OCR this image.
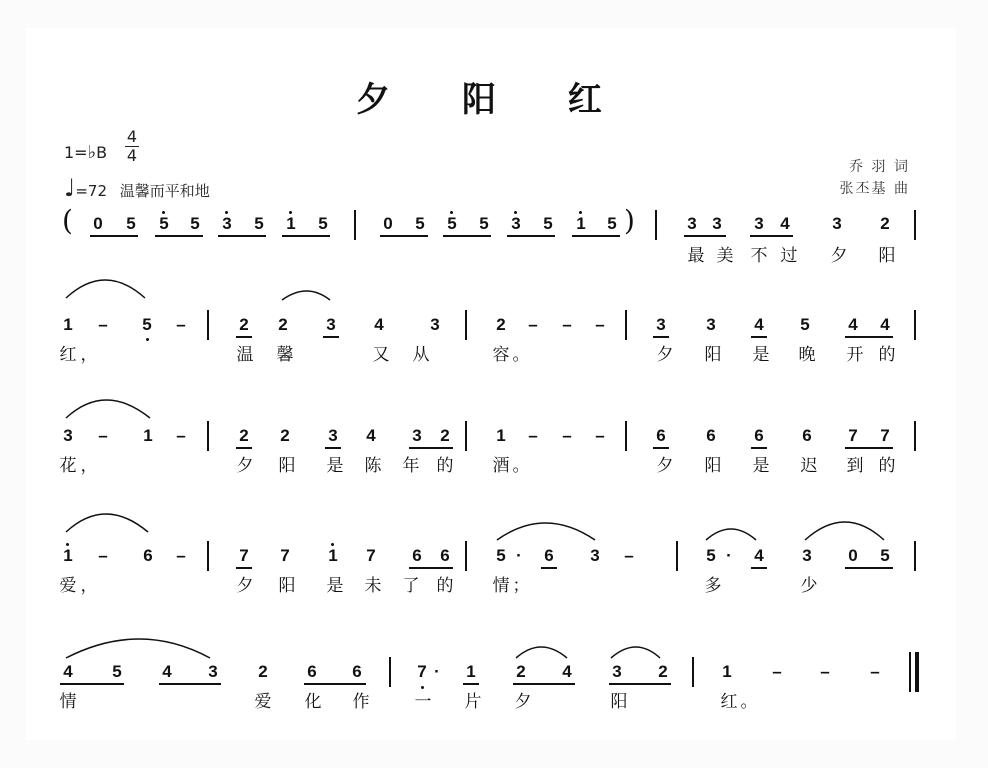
夕 阳 红
1=♭B
4
4
♩=72 温馨而平和地
乔 羽 词
张丕基 曲
(	)
0 5 5 5 3 5 1 5	0 5 5 5 3 5 1 5	3 3 3 4	3 2
最 美 不 过 夕 阳
1 – 5 –	2 2 3 4	3	2 – – –	3 3 4 5 4 4
红 ，	温 馨	又 从	容 。	夕 阳 是 晚 开 的
3 – 1 –	2 2 3 4 3 2	1 – – –	6 6 6 6 7 7
花 ，	夕 阳 是 陈 年 的 酒 。	夕 阳 是 迟 到 的
1 – 6 –	7 7 1 7 6 6	5 · 6 3 –	5 · 4 3 0 5
爱 ，	夕 阳 是 未 了 的 情 ；	多	少
4 5 4 3 2 6 6	7 · 1 2 4 3 2	1 – – –
情	爱 化 作	一 片 夕	阳	红 。
